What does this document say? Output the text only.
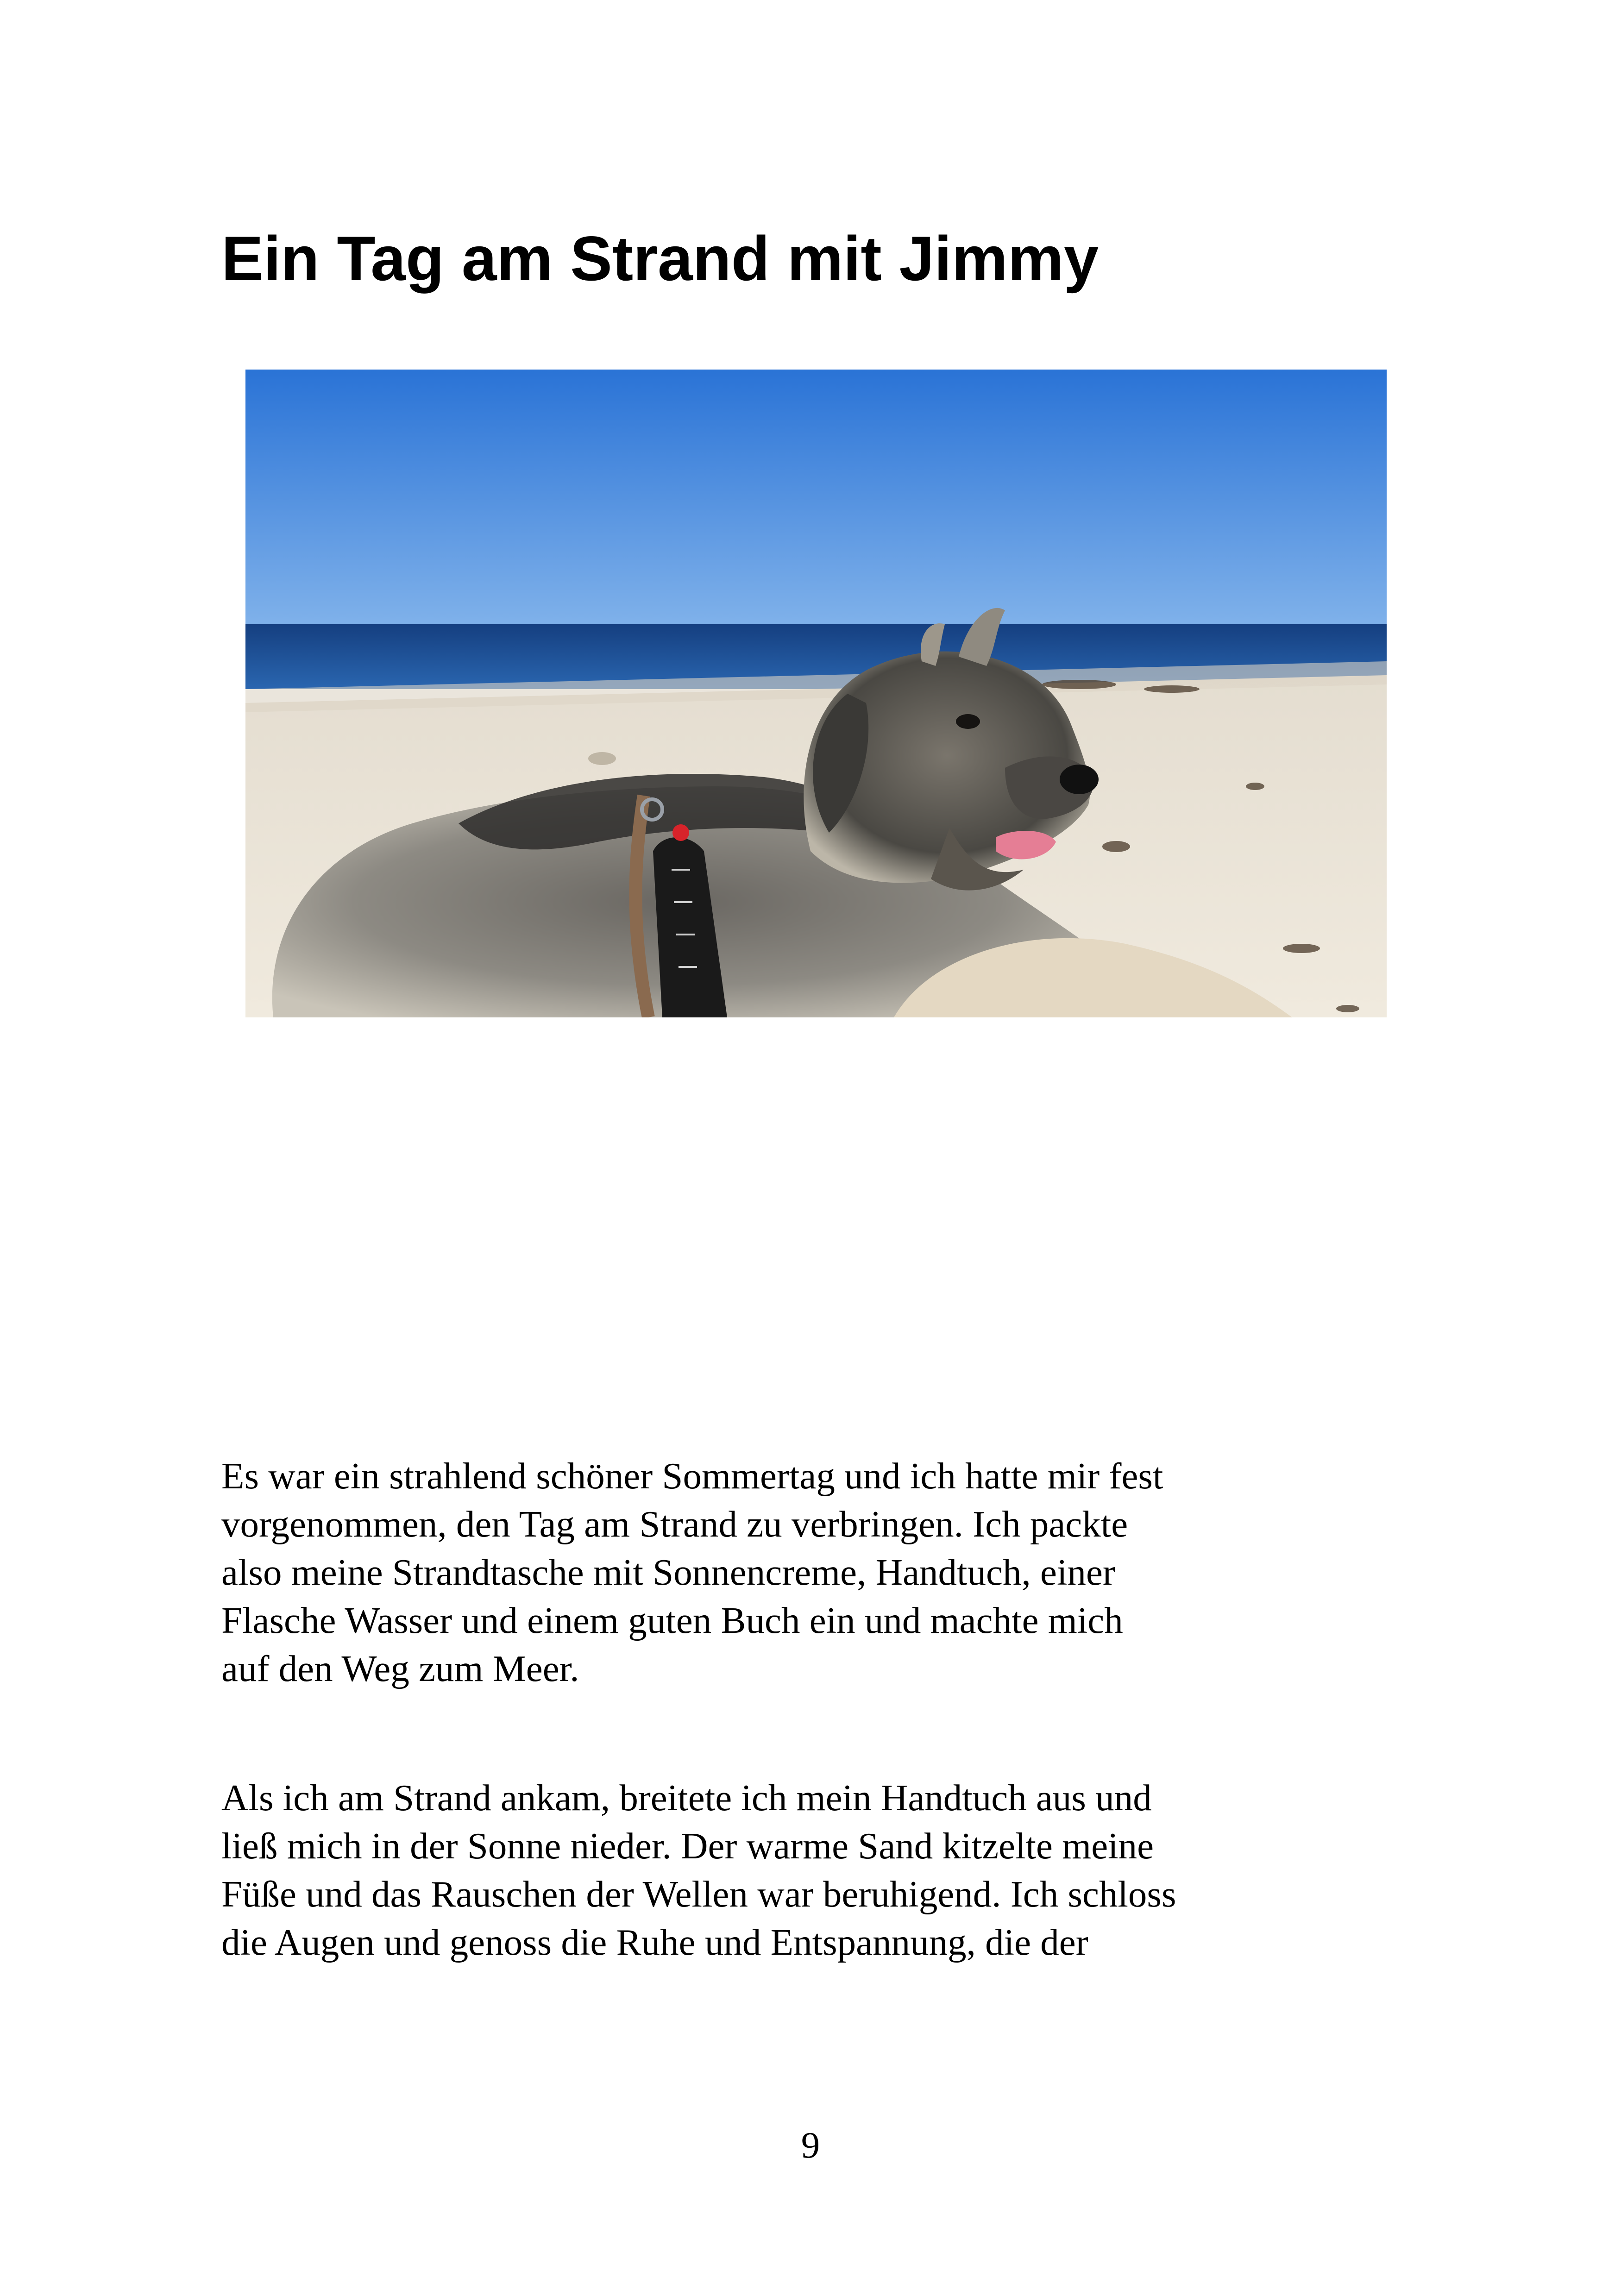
Ein Tag am Strand mit Jimmy

Es war ein strahlend schöner Sommertag und ich hatte mir fest
vorgenommen, den Tag am Strand zu verbringen. Ich packte
also meine Strandtasche mit Sonnencreme, Handtuch, einer
Flasche Wasser und einem guten Buch ein und machte mich
auf den Weg zum Meer.

Als ich am Strand ankam, breitete ich mein Handtuch aus und
ließ mich in der Sonne nieder. Der warme Sand kitzelte meine
Füße und das Rauschen der Wellen war beruhigend. Ich schloss
die Augen und genoss die Ruhe und Entspannung, die der

9
